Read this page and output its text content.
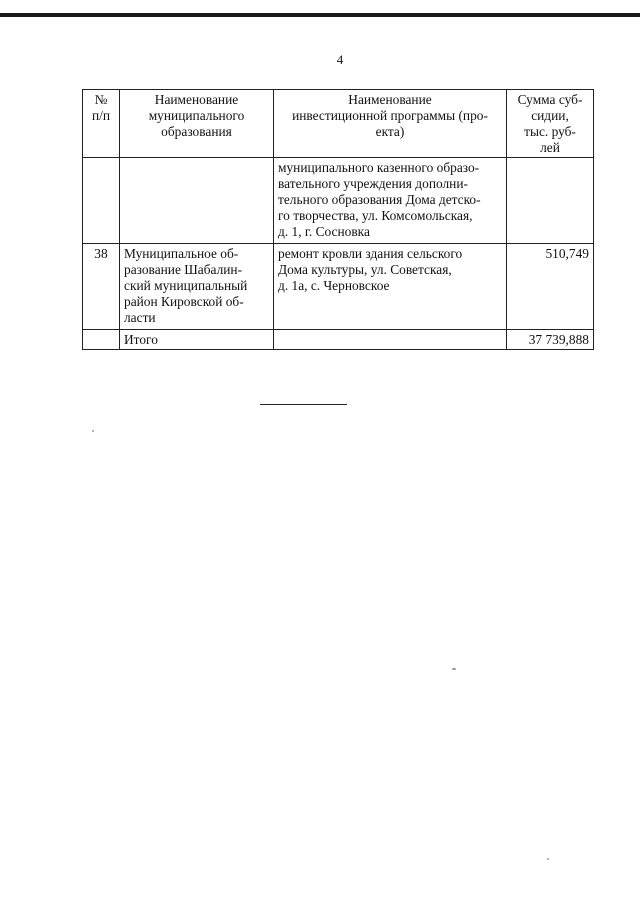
4
№
п/п	Наименование
муниципального
образования	Наименование
инвестиционной программы (про-
екта)	Сумма суб-
сидии,
тыс. руб-
лей
		муниципального казенного образо-
вательного учреждения дополни-
тельного образования Дома детско-
го творчества, ул. Комсомольская,
д. 1, г. Сосновка	
38	Муниципальное об-
разование Шабалин-
ский муниципальный
район Кировской об-
ласти	ремонт кровли здания сельского
Дома культуры, ул. Советская,
д. 1а, с. Черновское	510,749
	Итого		37 739,888
